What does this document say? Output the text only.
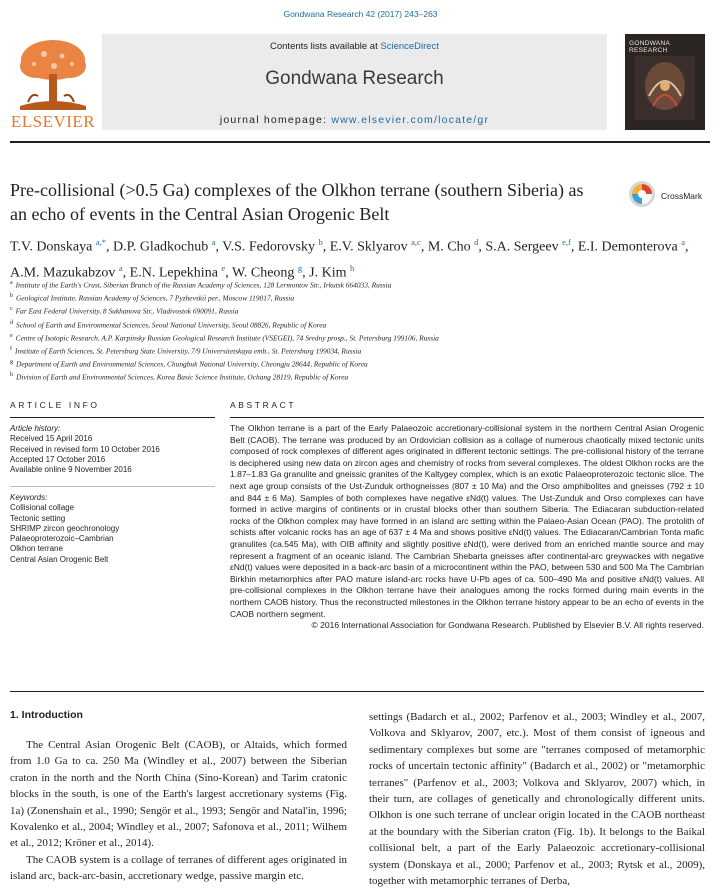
Gondwana Research 42 (2017) 243–263
ELSEVIER
Contents lists available at ScienceDirect
Gondwana Research
journal homepage: www.elsevier.com/locate/gr
GONDWANA RESEARCH
Pre-collisional (>0.5 Ga) complexes of the Olkhon terrane (southern Siberia) as an echo of events in the Central Asian Orogenic Belt
CrossMark
T.V. Donskaya $^{a,*}$, D.P. Gladkochub $^a$, V.S. Fedorovsky $^b$, E.V. Sklyarov $^{a,c}$, M. Cho $^d$, S.A. Sergeev $^{e,f}$, E.I. Demonterova $^a$, A.M. Mazukabzov $^a$, E.N. Lepekhina $^e$, W. Cheong $^g$, J. Kim $^h$
$^a$ Institute of the Earth's Crust, Siberian Branch of the Russian Academy of Sciences, 128 Lermontov Str., Irkutsk 664033, Russia
$^b$ Geological Institute, Russian Academy of Sciences, 7 Pyzhevskii per., Moscow 119017, Russia
$^c$ Far East Federal University, 8 Sukhanova Str., Vladivostok 690091, Russia
$^d$ School of Earth and Environmental Sciences, Seoul National University, Seoul 08826, Republic of Korea
$^e$ Centre of Isotopic Research, A.P. Karpinsky Russian Geological Research Institute (VSEGEI), 74 Sredny prosp., St. Petersburg 199106, Russia
$^f$ Institute of Earth Sciences, St. Petersburg State University, 7/9 Universitetskaya emb., St. Petersburg 199034, Russia
$^g$ Department of Earth and Environmental Sciences, Chungbuk National University, Cheongju 28644, Republic of Korea
$^h$ Division of Earth and Environmental Sciences, Korea Basic Science Institute, Ochang 28119, Republic of Korea
ARTICLE INFO	ABSTRACT
Article history:
Received 15 April 2016
Received in revised form 10 October 2016
Accepted 17 October 2016
Available online 9 November 2016
Keywords:
Collisional collage
Tectonic setting
SHRIMP zircon geochronology
Palaeoproterozoic–Cambrian
Olkhon terrane
Central Asian Orogenic Belt

The Olkhon terrane is a part of the Early Palaeozoic accretionary-collisional system in the northern Central Asian Orogenic Belt (CAOB). The terrane was produced by an Ordovician collision as a collage of numerous chaotically mixed tectonic units composed of rock complexes of different ages originated in different tectonic settings. The pre-collisional history of the terrane is deciphered using new data on zircon ages and chemistry of rocks from several complexes. The oldest Olkhon rocks are the 1.87–1.83 Ga granulite and gneissic granites of the Kaltygey complex, which is an exotic Palaeoproterozoic tectonic slice. The next age group consists of the Ust-Zunduk orthogneisses (807 ± 10 Ma) and the Orso amphibolites and gneisses (792 ± 10 and 844 ± 6 Ma). Samples of both complexes have negative εNd(t) values. The Ust-Zunduk and Orso complexes can have formed in active margins of continents or in crustal blocks other than southern Siberia. The Ediacaran subduction-related rocks of the Olkhon complex may have formed in an island arc setting within the Palaeo-Asian Ocean (PAO). The protolith of schists after volcanic rocks has an age of 637 ± 4 Ma and shows positive εNd(t) values. The Ediacaran/Cambrian Tonta mafic granulites (ca.545 Ma), with OIB affinity and slightly positive εNd(t), were derived from an enriched mantle source and may represent a fragment of an oceanic island. The Cambrian Shebarta gneisses after continental-arc greywackes with negative εNd(t) values were deposited in a back-arc basin of a microcontinent within the PAO, between 530 and 500 Ma The Cambrian Birkhin metamorphics after PAO mature island-arc rocks have U-Pb ages of ca. 500–490 Ma and positive εNd(t) values. All pre-collisional complexes in the Olkhon terrane have their analogues among the rocks formed during main events in the northern CAOB history. Thus the reconstructed milestones in the Olkhon terrane history appear to be an echo of events in the CAOB northern segment.

© 2016 International Association for Gondwana Research. Published by Elsevier B.V. All rights reserved.

1. Introduction

The Central Asian Orogenic Belt (CAOB), or Altaids, which formed from 1.0 Ga to ca. 250 Ma (Windley et al., 2007) between the Siberian craton in the north and the North China (Sino-Korean) and Tarim cratonic blocks in the south, is one of the Earth's largest accretionary systems (Fig. 1a) (Zonenshain et al., 1990; Sengör et al., 1993; Sengör and Natal'in, 1996; Kovalenko et al., 2004; Windley et al., 2007; Safonova et al., 2011; Wilhem et al., 2012; Kröner et al., 2014).

The CAOB system is a collage of terranes of different ages originated in island arc, back-arc-basin, accretionary wedge, passive margin etc.

settings (Badarch et al., 2002; Parfenov et al., 2003; Windley et al., 2007, Volkova and Sklyarov, 2007, etc.). Most of them consist of igneous and sedimentary complexes but some are "terranes composed of metamorphic rocks of uncertain tectonic affinity" (Badarch et al., 2002) or "metamorphic terranes" (Parfenov et al., 2003; Volkova and Sklyarov, 2007) which, in their turn, are collages of genetically and chronologically different units. Olkhon is one such terrane of unclear origin located in the CAOB northeast at the boundary with the Siberian craton (Fig. 1b). It belongs to the Baikal collisional belt, a part of the Early Palaeozoic accretionary-collisional system (Donskaya et al., 2000; Parfenov et al., 2003; Rytsk et al., 2009), together with metamorphic terranes of Derba,
